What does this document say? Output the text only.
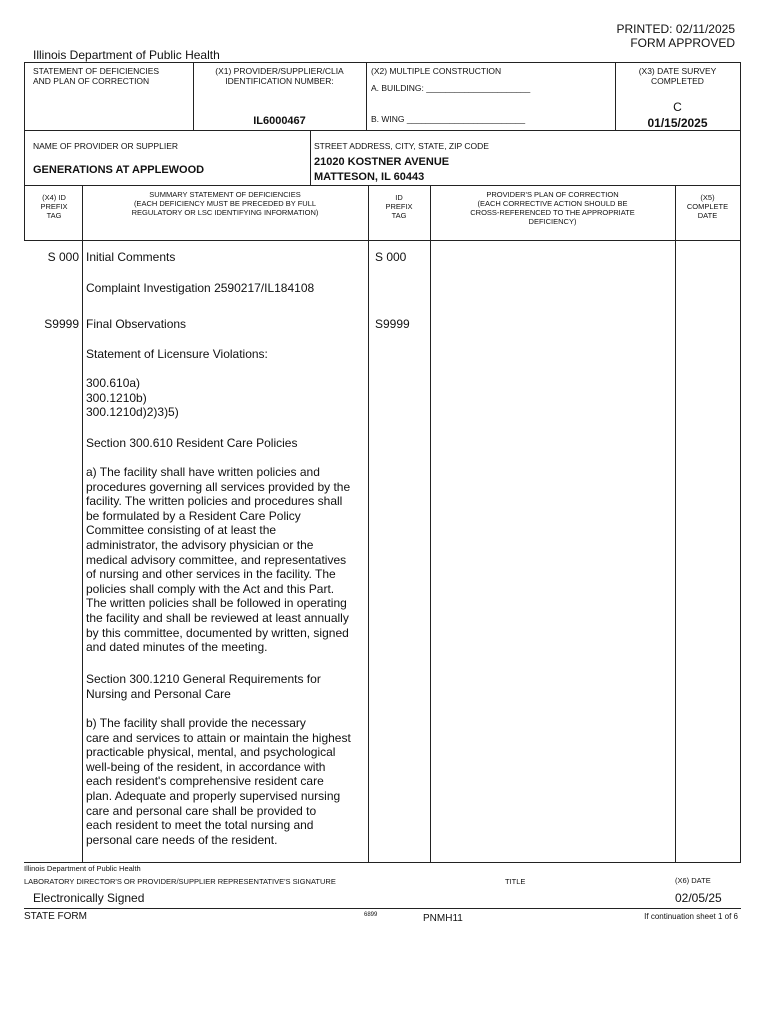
PRINTED: 02/11/2025
FORM APPROVED
Illinois Department of Public Health
STATEMENT OF DEFICIENCIES
AND PLAN OF CORRECTION
(X1) PROVIDER/SUPPLIER/CLIA
IDENTIFICATION NUMBER:
IL6000467
(X2) MULTIPLE CONSTRUCTION
A. BUILDING: ______________________
B. WING _________________________
(X3) DATE SURVEY
COMPLETED
C
01/15/2025
NAME OF PROVIDER OR SUPPLIER
GENERATIONS AT APPLEWOOD
STREET ADDRESS, CITY, STATE, ZIP CODE
21020 KOSTNER AVENUE
MATTESON, IL 60443
(X4) ID
PREFIX
TAG
SUMMARY STATEMENT OF DEFICIENCIES
(EACH DEFICIENCY MUST BE PRECEDED BY FULL
REGULATORY OR LSC IDENTIFYING INFORMATION)
ID
PREFIX
TAG
PROVIDER'S PLAN OF CORRECTION
(EACH CORRECTIVE ACTION SHOULD BE
CROSS-REFERENCED TO THE APPROPRIATE
DEFICIENCY)
(X5)
COMPLETE
DATE
S 000	S 000
Initial Comments
Complaint Investigation 2590217/IL184108
S9999	S9999
Final Observations
Statement of Licensure Violations:
300.610a)
300.1210b)
300.1210d)2)3)5)
Section 300.610 Resident Care Policies
a) The facility shall have written policies and
procedures governing all services provided by the
facility. The written policies and procedures shall
be formulated by a Resident Care Policy
Committee consisting of at least the
administrator, the advisory physician or the
medical advisory committee, and representatives
of nursing and other services in the facility. The
policies shall comply with the Act and this Part.
The written policies shall be followed in operating
the facility and shall be reviewed at least annually
by this committee, documented by written, signed
and dated minutes of the meeting.
Section 300.1210 General Requirements for
Nursing and Personal Care
b) The facility shall provide the necessary
care and services to attain or maintain the highest
practicable physical, mental, and psychological
well-being of the resident, in accordance with
each resident's comprehensive resident care
plan. Adequate and properly supervised nursing
care and personal care shall be provided to
each resident to meet the total nursing and
personal care needs of the resident.
Illinois Department of Public Health
LABORATORY DIRECTOR'S OR PROVIDER/SUPPLIER REPRESENTATIVE'S SIGNATURE	TITLE	(X6) DATE
Electronically Signed	02/05/25
STATE FORM	6899	PNMH11	If continuation sheet 1 of 6
